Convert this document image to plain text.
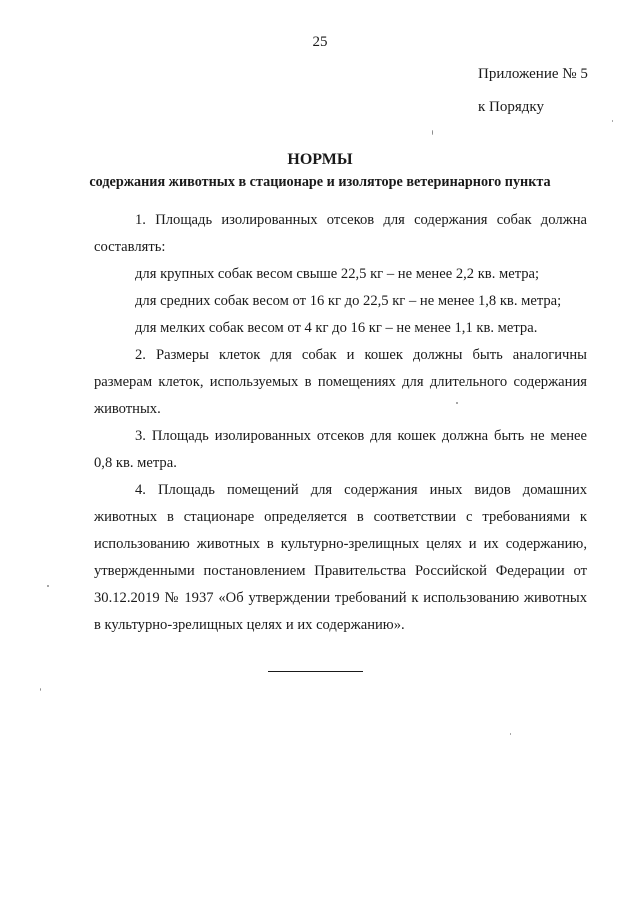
25
Приложение № 5
к Порядку
НОРМЫ
содержания животных в стационаре и изоляторе ветеринарного пункта

1. Площадь изолированных отсеков для содержания собак должна

составлять:

для крупных собак весом свыше 22,5 кг – не менее 2,2 кв. метра;

для средних собак весом от 16 кг до 22,5 кг – не менее 1,8 кв. метра;

для мелких собак весом от 4 кг до 16 кг – не менее 1,1 кв. метра.

2. Размеры клеток для собак и кошек должны быть аналогичны размерам клеток, используемых в помещениях для длительного содержания животных.

3. Площадь изолированных отсеков для кошек должна быть не менее 0,8 кв. метра.

4. Площадь помещений для содержания иных видов домашних животных в стационаре определяется в соответствии с требованиями к использованию животных в культурно-зрелищных целях и их содержанию, утвержденными постановлением Правительства Российской Федерации от 30.12.2019 № 1937 «Об утверждении требований к использованию животных в культурно-зрелищных целях и их содержанию».
